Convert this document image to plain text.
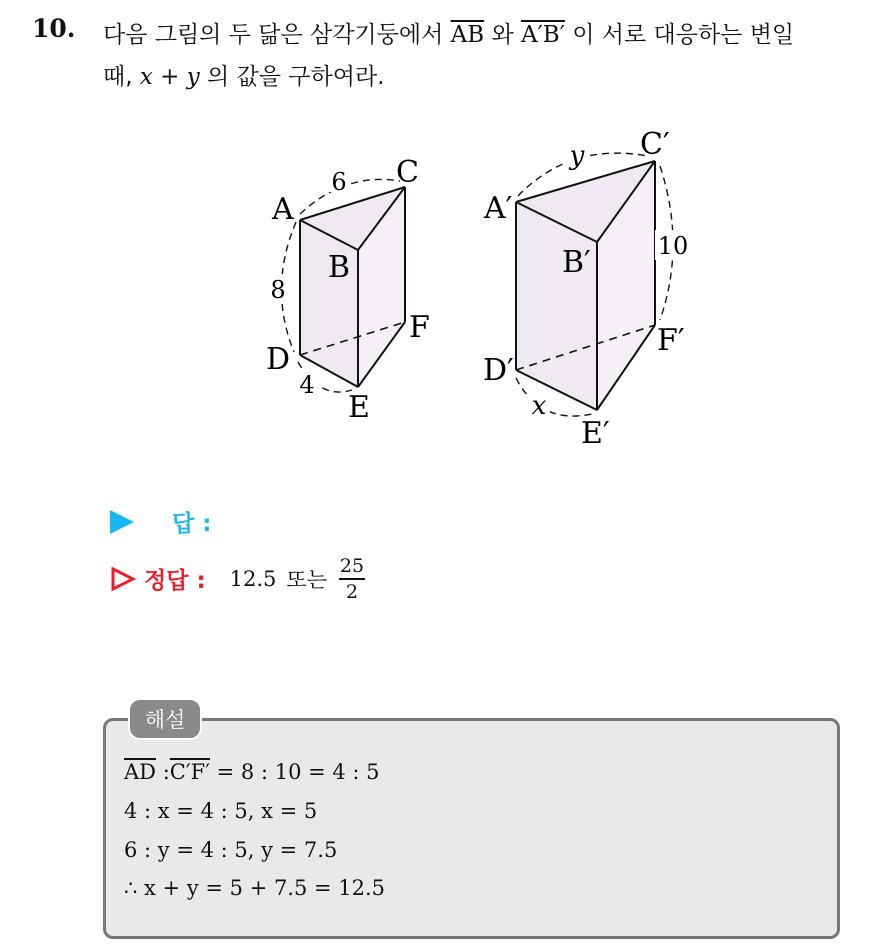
10. 다음 그림의 두 닮은 삼각기둥에서 $\overline{AB}$ 와 A′B′ 이 서로 대응하는 변일
때, x + y 의 값을 구하여라.
6
8
4
A
B
C
D
E
F
y
10
x
A′
B′
C′
D′
E′
F′
답 :
정답 : 12.5 또는 $\frac{25}{2}$
해설
$\overline{AD}$ :C′F′ = 8 : 10 = 4 : 5
4 : x = 4 : 5, x = 5
6 : y = 4 : 5, y = 7.5
∴ x + y = 5 + 7.5 = 12.5
